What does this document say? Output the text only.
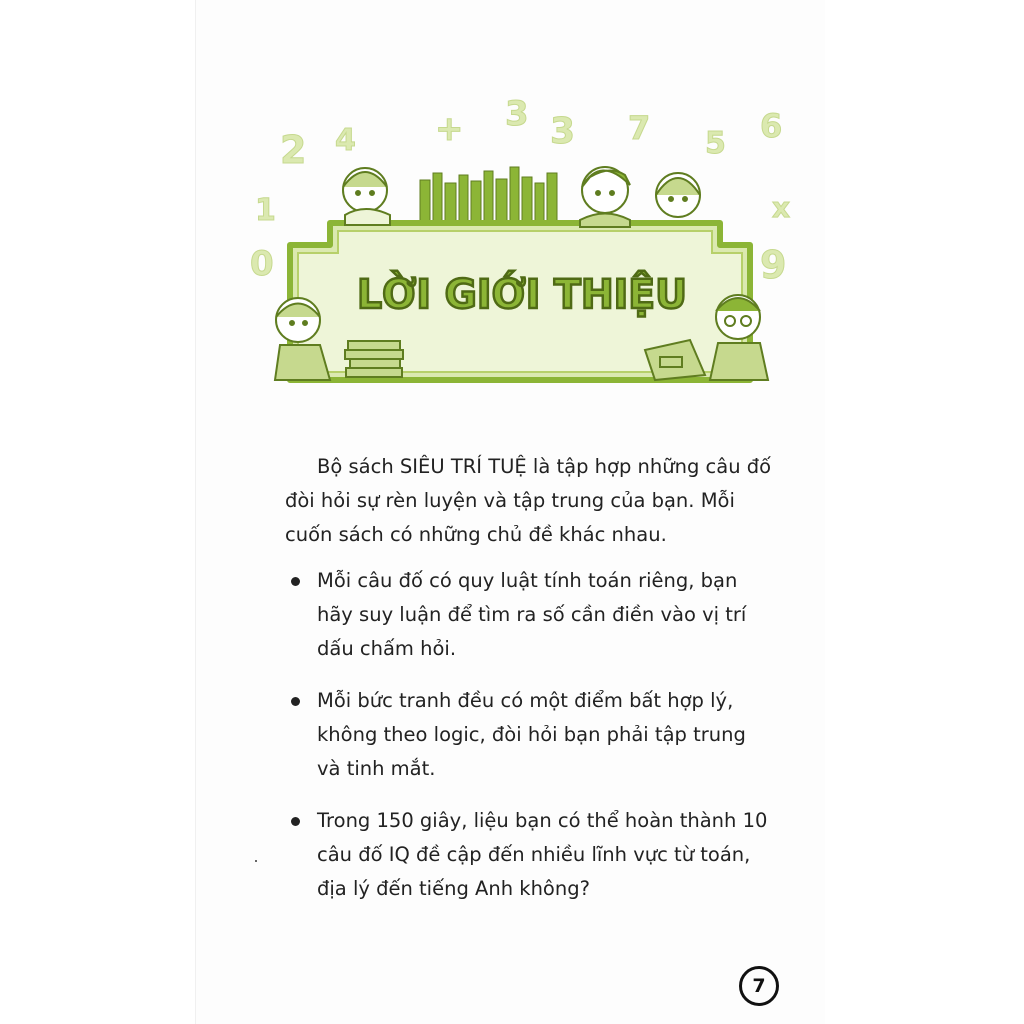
2 4 + 3 3 7 5 6
1	x
0	9
LỜI GIỚI THIỆU

Bộ sách SIÊU TRÍ TUỆ là tập hợp những câu đố đòi hỏi sự rèn luyện và tập trung của bạn. Mỗi cuốn sách có những chủ đề khác nhau.

Mỗi câu đố có quy luật tính toán riêng, bạn hãy suy luận để tìm ra số cần điền vào vị trí dấu chấm hỏi.
Mỗi bức tranh đều có một điểm bất hợp lý, không theo logic, đòi hỏi bạn phải tập trung và tinh mắt.
Trong 150 giây, liệu bạn có thể hoàn thành 10 câu đố IQ đề cập đến nhiều lĩnh vực từ toán, địa lý đến tiếng Anh không?
7
